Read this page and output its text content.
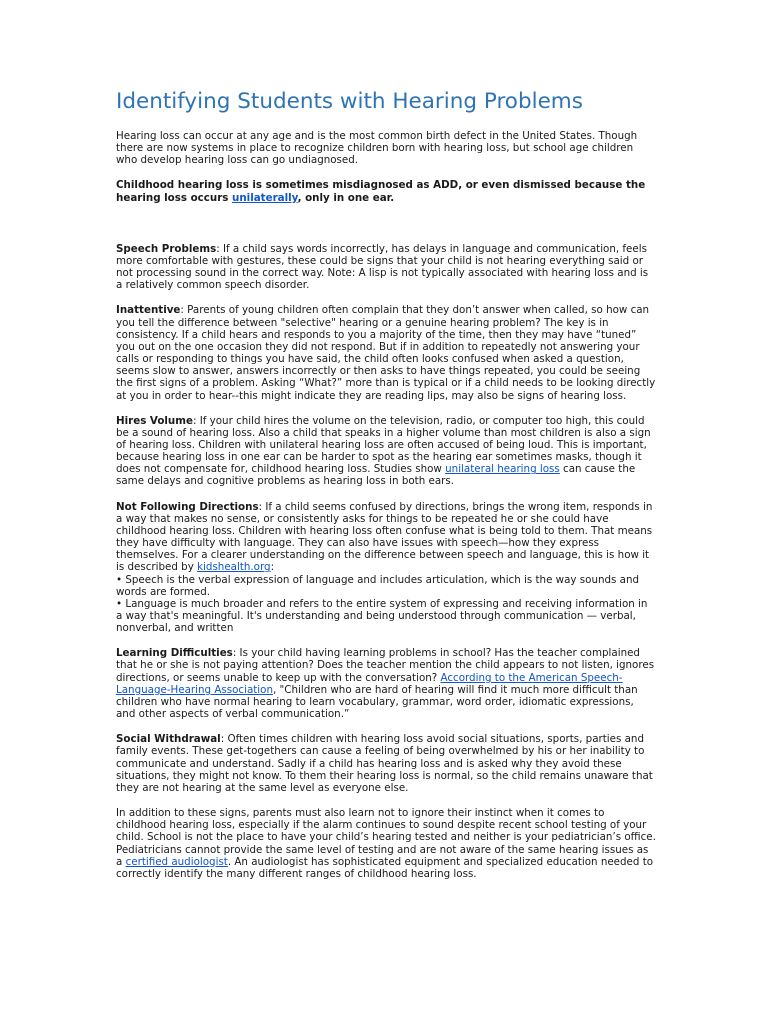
Identifying Students with Hearing Problems

Hearing loss can occur at any age and is the most common birth defect in the United States. Though there are now systems in place to recognize children born with hearing loss, but school age children who develop hearing loss can go undiagnosed.

Childhood hearing loss is sometimes misdiagnosed as ADD, or even dismissed because the hearing loss occurs unilaterally, only in one ear.

Speech Problems: If a child says words incorrectly, has delays in language and communication, feels more comfortable with gestures, these could be signs that your child is not hearing everything said or not processing sound in the correct way. Note: A lisp is not typically associated with hearing loss and is a relatively common speech disorder.

Inattentive: Parents of young children often complain that they don’t answer when called, so how can you tell the difference between "selective" hearing or a genuine hearing problem? The key is in consistency. If a child hears and responds to you a majority of the time, then they may have “tuned” you out on the one occasion they did not respond. But if in addition to repeatedly not answering your calls or responding to things you have said, the child often looks confused when asked a question, seems slow to answer, answers incorrectly or then asks to have things repeated, you could be seeing the first signs of a problem. Asking “What?” more than is typical or if a child needs to be looking directly at you in order to hear--this might indicate they are reading lips, may also be signs of hearing loss.

Hires Volume: If your child hires the volume on the television, radio, or computer too high, this could be a sound of hearing loss. Also a child that speaks in a higher volume than most children is also a sign of hearing loss. Children with unilateral hearing loss are often accused of being loud. This is important, because hearing loss in one ear can be harder to spot as the hearing ear sometimes masks, though it does not compensate for, childhood hearing loss. Studies show unilateral hearing loss can cause the same delays and cognitive problems as hearing loss in both ears.

Not Following Directions: If a child seems confused by directions, brings the wrong item, responds in a way that makes no sense, or consistently asks for things to be repeated he or she could have childhood hearing loss. Children with hearing loss often confuse what is being told to them. That means they have difficulty with language. They can also have issues with speech—how they express themselves. For a clearer understanding on the difference between speech and language, this is how it is described by kidshealth.org:
• Speech is the verbal expression of language and includes articulation, which is the way sounds and words are formed.
• Language is much broader and refers to the entire system of expressing and receiving information in a way that's meaningful. It's understanding and being understood through communication — verbal, nonverbal, and written

Learning Difficulties: Is your child having learning problems in school? Has the teacher complained that he or she is not paying attention? Does the teacher mention the child appears to not listen, ignores directions, or seems unable to keep up with the conversation? According to the American Speech-Language-Hearing Association, "Children who are hard of hearing will find it much more difficult than children who have normal hearing to learn vocabulary, grammar, word order, idiomatic expressions, and other aspects of verbal communication.”

Social Withdrawal: Often times children with hearing loss avoid social situations, sports, parties and family events. These get-togethers can cause a feeling of being overwhelmed by his or her inability to communicate and understand. Sadly if a child has hearing loss and is asked why they avoid these situations, they might not know. To them their hearing loss is normal, so the child remains unaware that they are not hearing at the same level as everyone else.

In addition to these signs, parents must also learn not to ignore their instinct when it comes to childhood hearing loss, especially if the alarm continues to sound despite recent school testing of your child. School is not the place to have your child’s hearing tested and neither is your pediatrician’s office. Pediatricians cannot provide the same level of testing and are not aware of the same hearing issues as a certified audiologist. An audiologist has sophisticated equipment and specialized education needed to correctly identify the many different ranges of childhood hearing loss.
